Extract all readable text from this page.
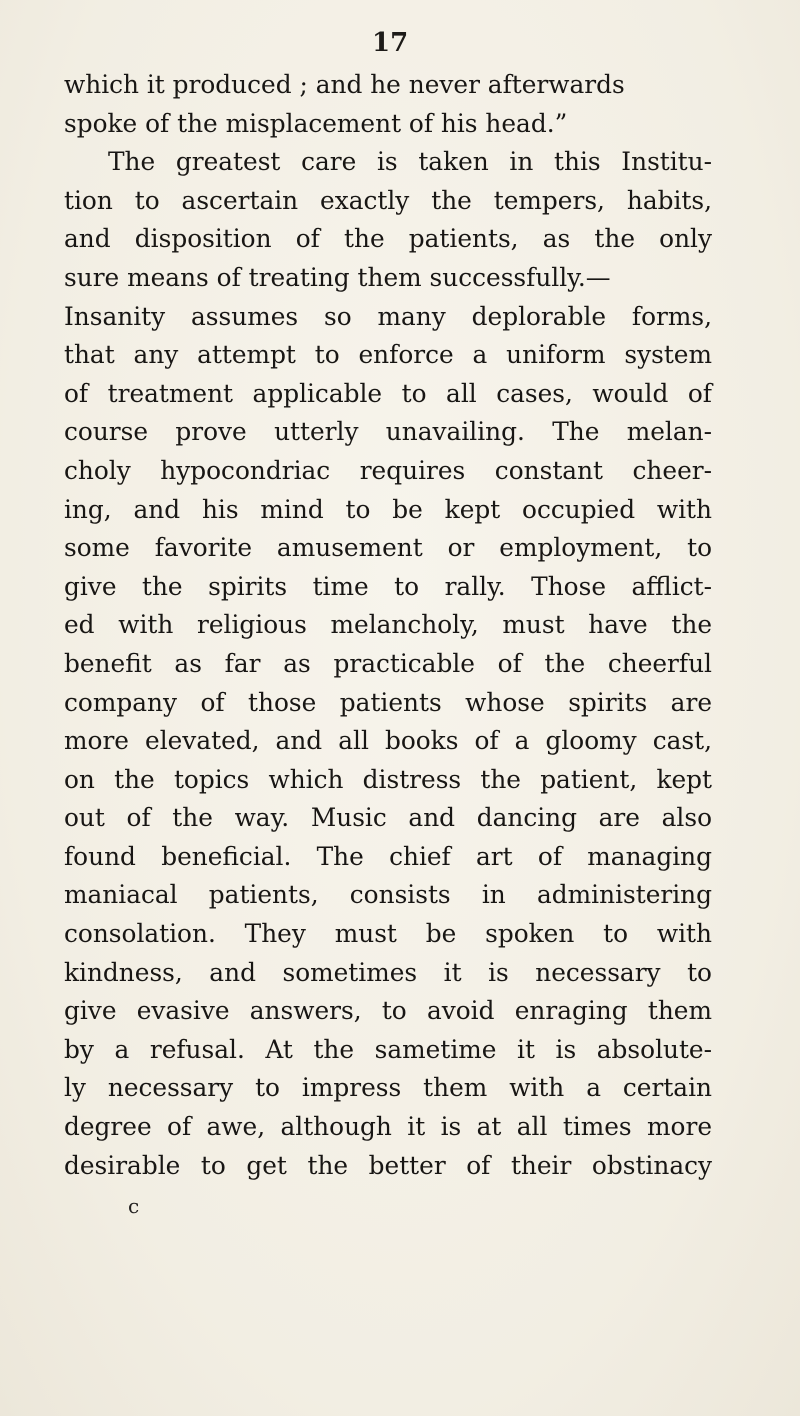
17
which it produced ; and he never afterwards
spoke of the misplacement of his head.”
The greatest care is taken in this Institu-
tion to ascertain exactly the tempers, habits,
and disposition of the patients, as the only
sure means of treating them successfully.—
Insanity assumes so many deplorable forms,
that any attempt to enforce a uniform system
of treatment applicable to all cases, would of
course prove utterly unavailing. The melan-
choly hypocondriac requires constant cheer-
ing, and his mind to be kept occupied with
some favorite amusement or employment, to
give the spirits time to rally. Those afflict-
ed with religious melancholy, must have the
benefit as far as practicable of the cheerful
company of those patients whose spirits are
more elevated, and all books of a gloomy cast,
on the topics which distress the patient, kept
out of the way. Music and dancing are also
found beneficial. The chief art of managing
maniacal patients, consists in administering
consolation. They must be spoken to with
kindness, and sometimes it is necessary to
give evasive answers, to avoid enraging them
by a refusal. At the sametime it is absolute-
ly necessary to impress them with a certain
degree of awe, although it is at all times more
desirable to get the better of their obstinacy
c
